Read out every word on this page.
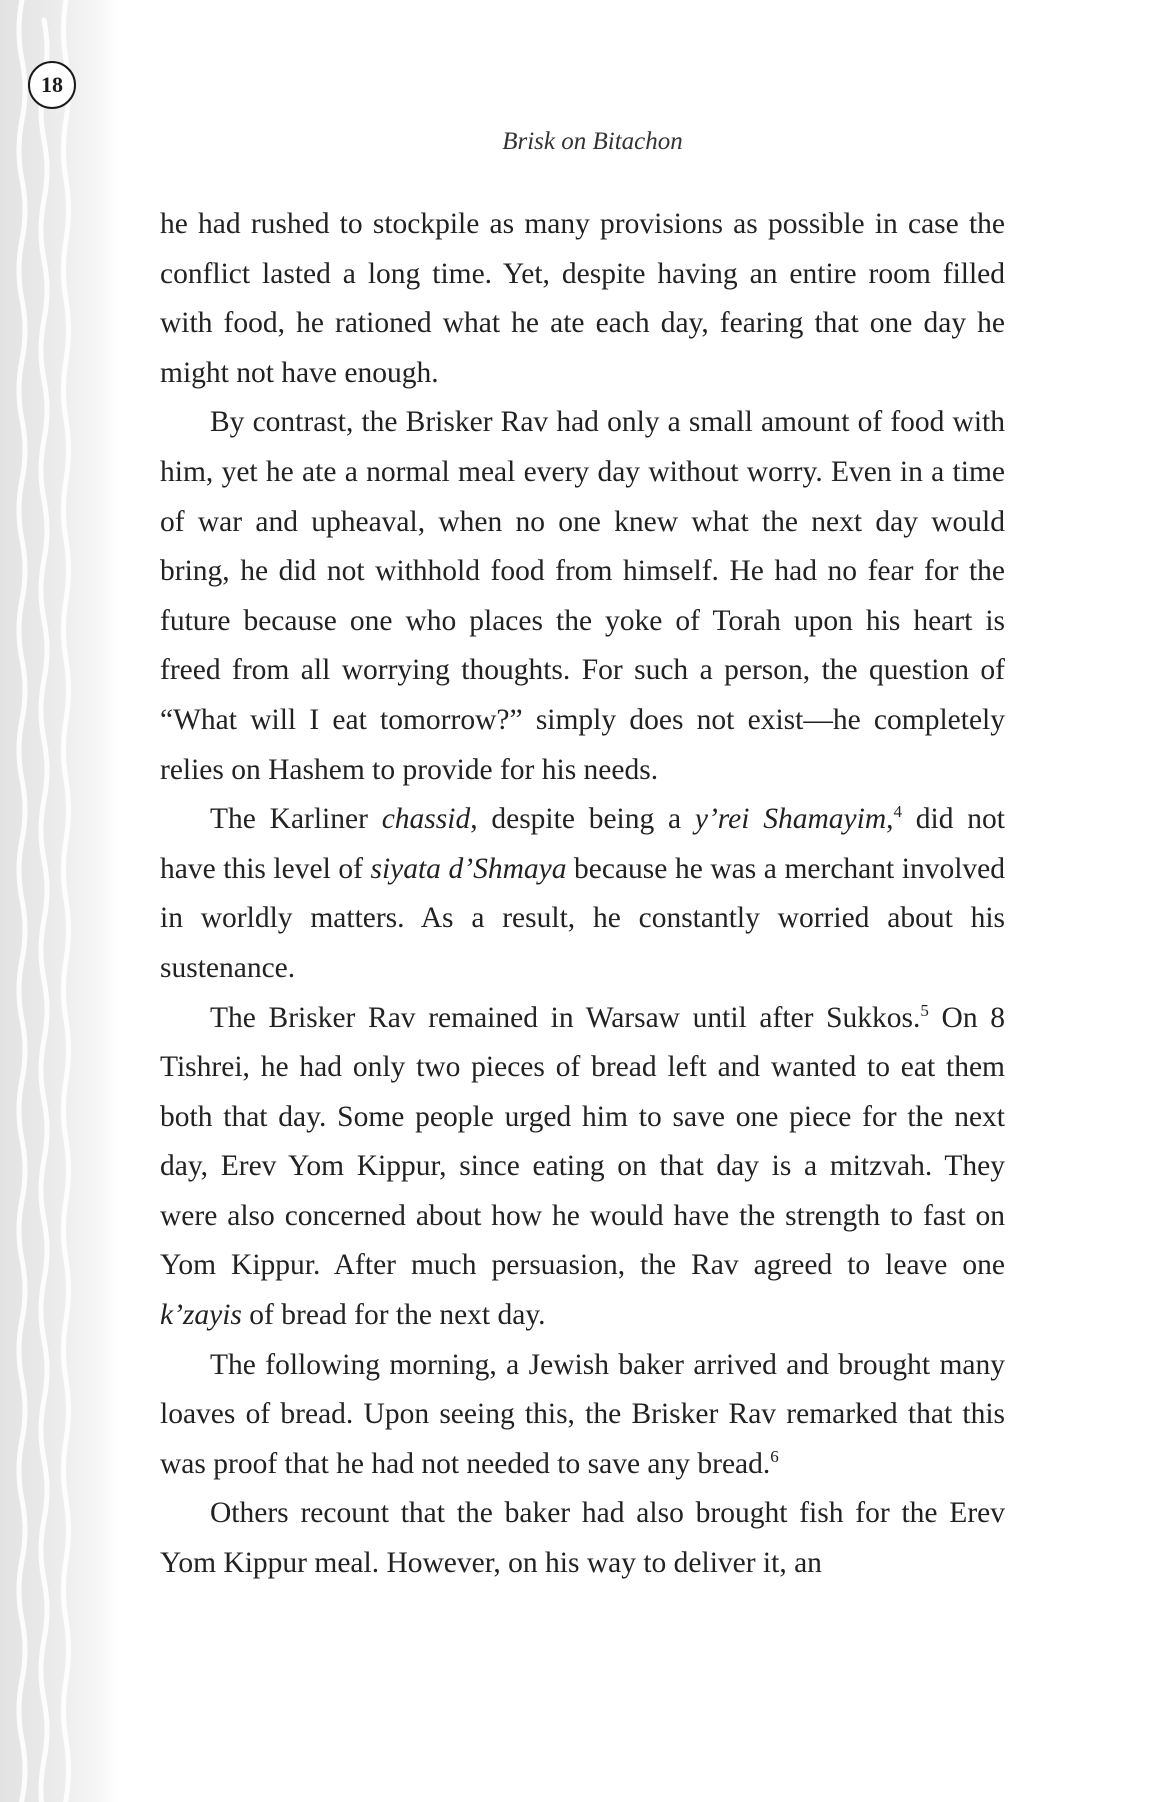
18
Brisk on Bitachon

he had rushed to stockpile as many provisions as possible in case the conflict lasted a long time. Yet, despite having an entire room filled with food, he rationed what he ate each day, fearing that one day he might not have enough.

By contrast, the Brisker Rav had only a small amount of food with him, yet he ate a normal meal every day without worry. Even in a time of war and upheaval, when no one knew what the next day would bring, he did not withhold food from himself. He had no fear for the future because one who places the yoke of Torah upon his heart is freed from all worrying thoughts. For such a person, the question of “What will I eat tomorrow?” simply does not exist—he completely relies on Hashem to provide for his needs.

The Karliner chassid, despite being a y’rei Shamayim,$^4$ did not have this level of siyata d’Shmaya because he was a merchant involved in worldly matters. As a result, he constantly worried about his sustenance.

The Brisker Rav remained in Warsaw until after Sukkos.$^5$ On 8 Tishrei, he had only two pieces of bread left and wanted to eat them both that day. Some people urged him to save one piece for the next day, Erev Yom Kippur, since eating on that day is a mitzvah. They were also concerned about how he would have the strength to fast on Yom Kippur. After much persuasion, the Rav agreed to leave one k’zayis of bread for the next day.

The following morning, a Jewish baker arrived and brought many loaves of bread. Upon seeing this, the Brisker Rav remarked that this was proof that he had not needed to save any bread.$^6$

Others recount that the baker had also brought fish for the Erev Yom Kippur meal. However, on his way to deliver it, an
